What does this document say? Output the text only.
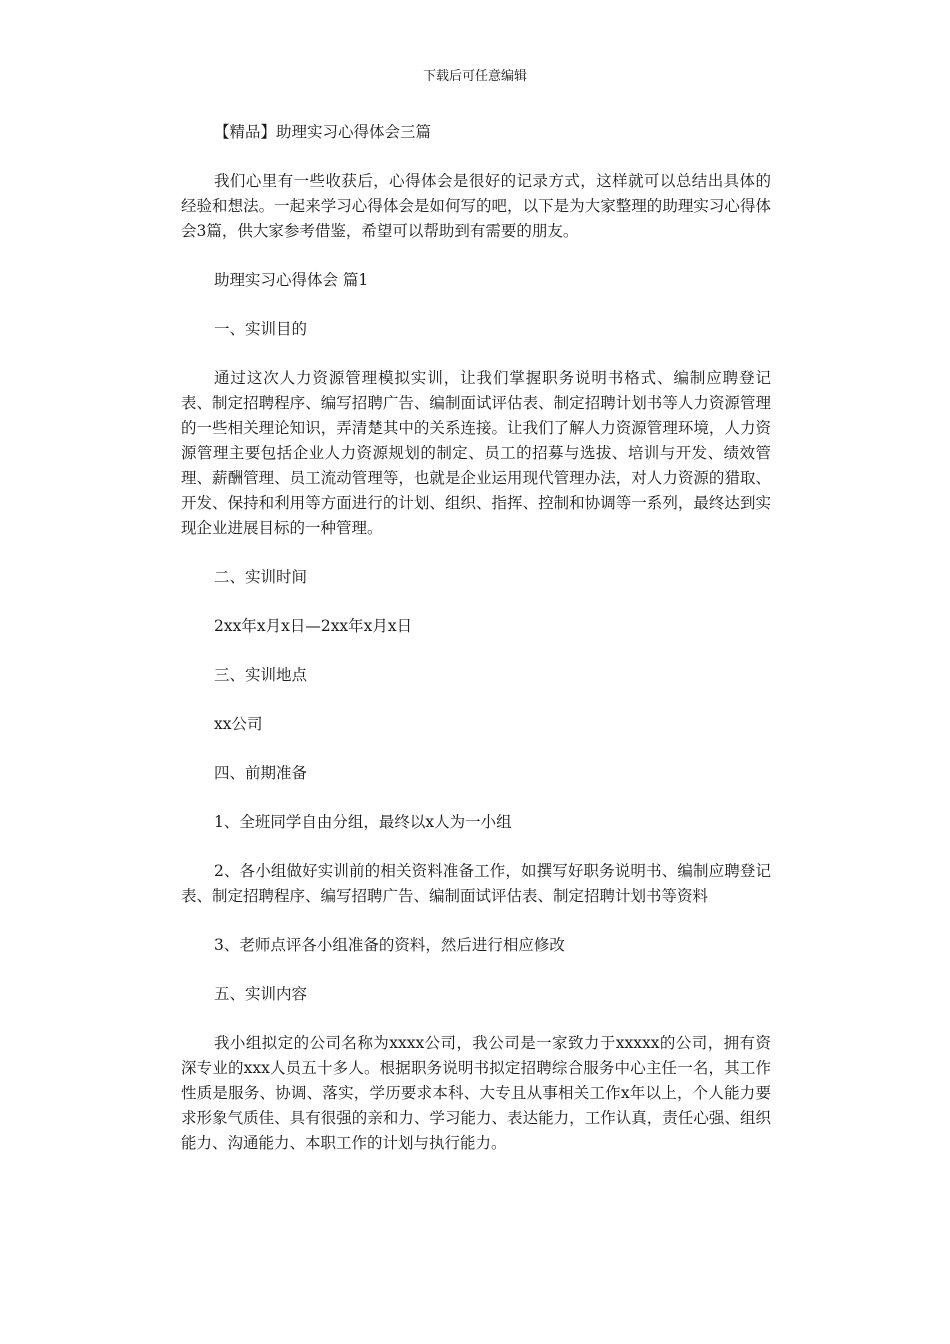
下载后可任意编辑

【精品】助理实习心得体会三篇

我们心里有一些收获后，心得体会是很好的记录方式，这样就可以总结出具体的经验和想法。一起来学习心得体会是如何写的吧，以下是为大家整理的助理实习心得体会3篇，供大家参考借鉴，希望可以帮助到有需要的朋友。

助理实习心得体会 篇1

一、实训目的

通过这次人力资源管理模拟实训，让我们掌握职务说明书格式、编制应聘登记表、制定招聘程序、编写招聘广告、编制面试评估表、制定招聘计划书等人力资源管理的一些相关理论知识，弄清楚其中的关系连接。让我们了解人力资源管理环境，人力资源管理主要包括企业人力资源规划的制定、员工的招募与选拔、培训与开发、绩效管理、薪酬管理、员工流动管理等，也就是企业运用现代管理办法，对人力资源的猎取、开发、保持和利用等方面进行的计划、组织、指挥、控制和协调等一系列，最终达到实现企业进展目标的一种管理。

二、实训时间

2xx年x月x日—2xx年x月x日

三、实训地点

xx公司

四、前期准备

1、全班同学自由分组，最终以x人为一小组

2、各小组做好实训前的相关资料准备工作，如撰写好职务说明书、编制应聘登记表、制定招聘程序、编写招聘广告、编制面试评估表、制定招聘计划书等资料

3、老师点评各小组准备的资料，然后进行相应修改

五、实训内容

我小组拟定的公司名称为xxxx公司，我公司是一家致力于xxxxx的公司，拥有资深专业的xxx人员五十多人。根据职务说明书拟定招聘综合服务中心主任一名，其工作性质是服务、协调、落实，学历要求本科、大专且从事相关工作x年以上，个人能力要求形象气质佳、具有很强的亲和力、学习能力、表达能力，工作认真，责任心强、组织能力、沟通能力、本职工作的计划与执行能力。
